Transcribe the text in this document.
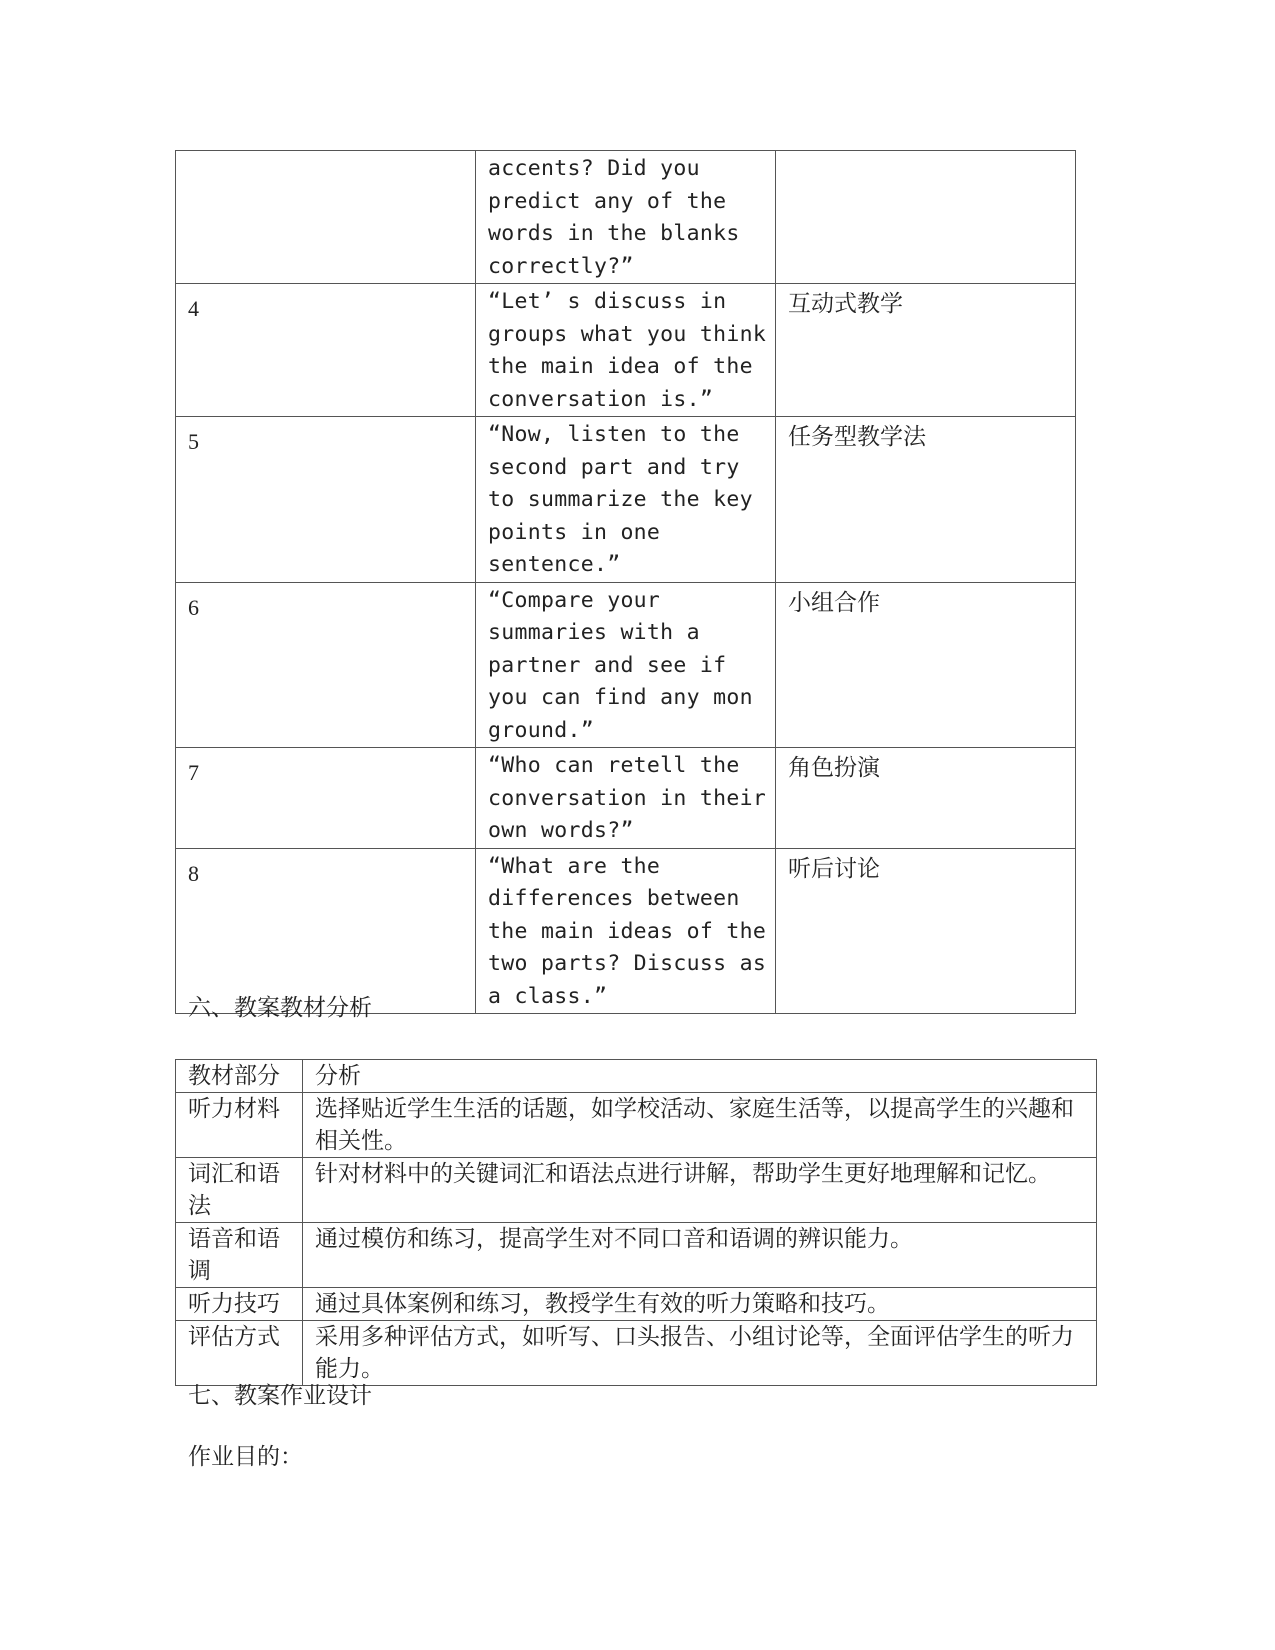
	accents? Did you predict any of the words in the blanks correctly?”	
4	“Let’ s discuss in groups what you think the main idea of the conversation is.”	互动式教学
5	“Now, listen to the second part and try to summarize the key points in one sentence.”	任务型教学法
6	“Compare your summaries with a partner and see if you can find any mon ground.”	小组合作
7	“Who can retell the conversation in their own words?”	角色扮演
8	“What are the differences between the main ideas of the two parts? Discuss as a class.”	听后讨论
六、教案教材分析
教材部分	分析
听力材料	选择贴近学生生活的话题，如学校活动、家庭生活等，以提高学生的兴趣和相关性。
词汇和语法	针对材料中的关键词汇和语法点进行讲解，帮助学生更好地理解和记忆。
语音和语调	通过模仿和练习，提高学生对不同口音和语调的辨识能力。
听力技巧	通过具体案例和练习，教授学生有效的听力策略和技巧。
评估方式	采用多种评估方式，如听写、口头报告、小组讨论等，全面评估学生的听力能力。
七、教案作业设计
作业目的：
